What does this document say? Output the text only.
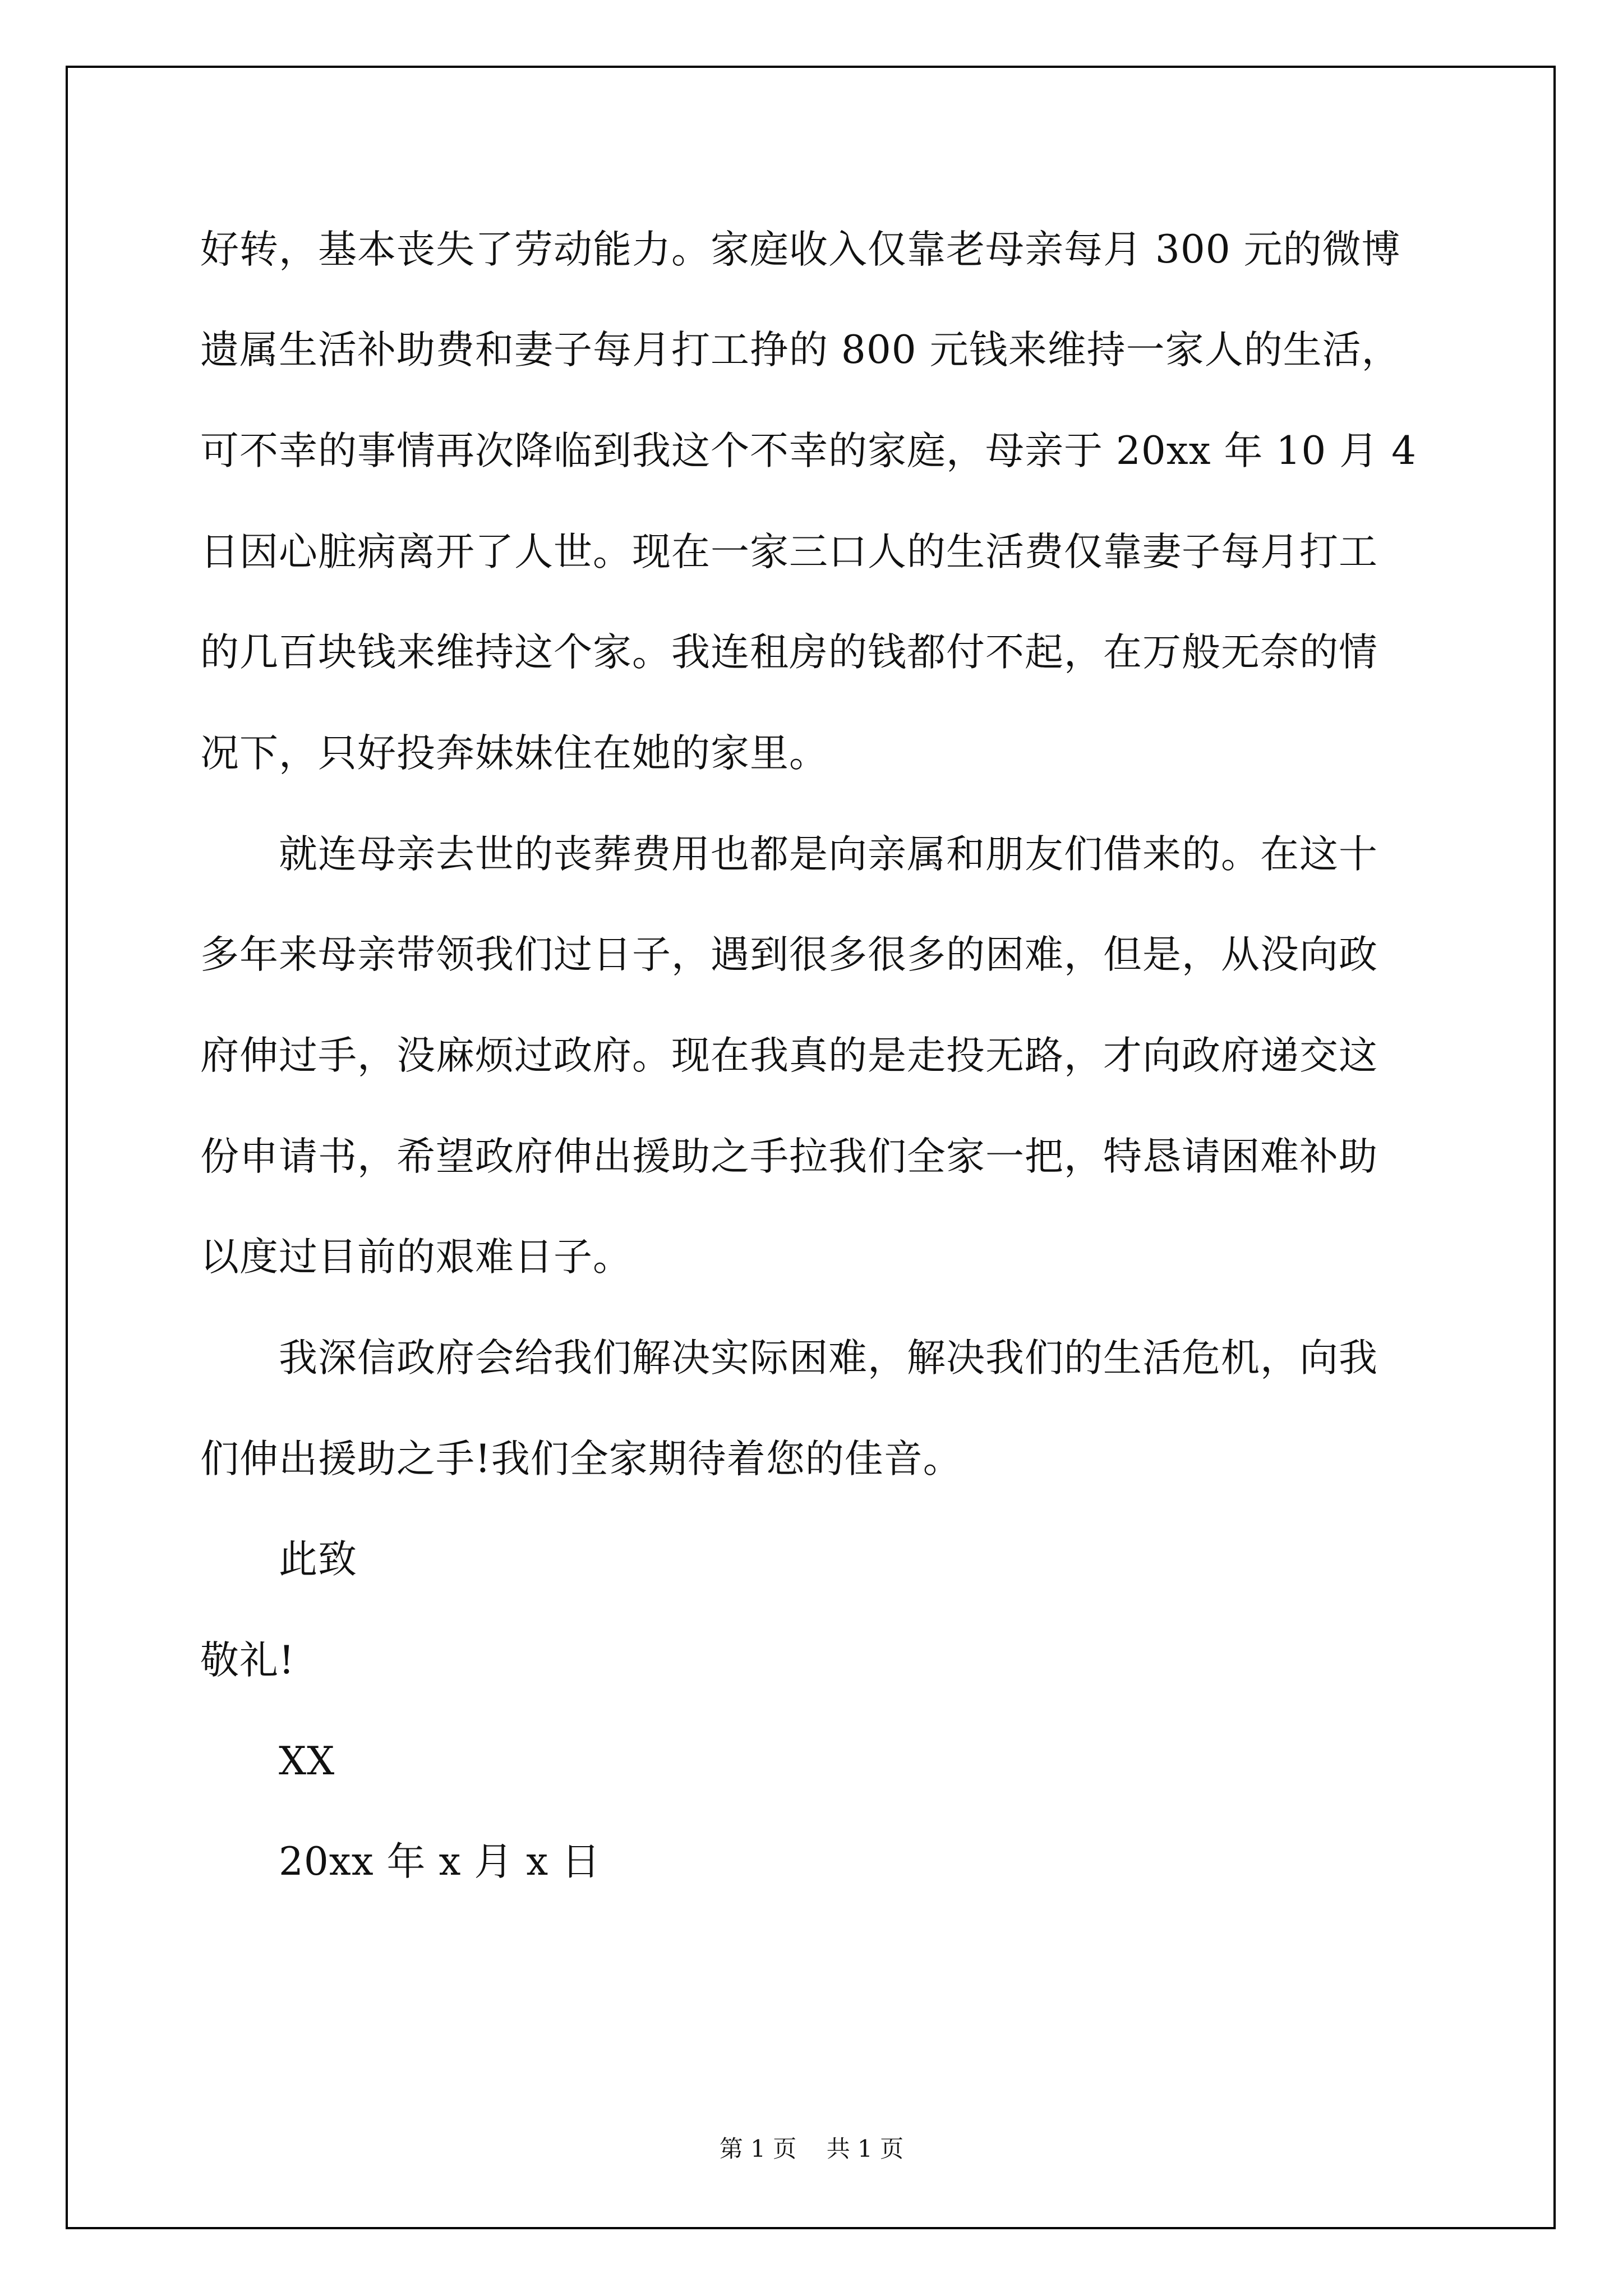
好转，基本丧失了劳动能力。家庭收入仅靠老母亲每月 300 元的微博
遗属生活补助费和妻子每月打工挣的 800 元钱来维持一家人的生活，
可不幸的事情再次降临到我这个不幸的家庭，母亲于 20xx 年 10 月 4
日因心脏病离开了人世。现在一家三口人的生活费仅靠妻子每月打工
的几百块钱来维持这个家。我连租房的钱都付不起，在万般无奈的情
况下，只好投奔妹妹住在她的家里。
就连母亲去世的丧葬费用也都是向亲属和朋友们借来的。在这十
多年来母亲带领我们过日子，遇到很多很多的困难，但是，从没向政
府伸过手，没麻烦过政府。现在我真的是走投无路，才向政府递交这
份申请书，希望政府伸出援助之手拉我们全家一把，特恳请困难补助
以度过目前的艰难日子。
我深信政府会给我们解决实际困难，解决我们的生活危机，向我
们伸出援助之手!我们全家期待着您的佳音。
此致
敬礼!
XX
20xx 年 x 月 x 日
第 1 页    共 1 页
